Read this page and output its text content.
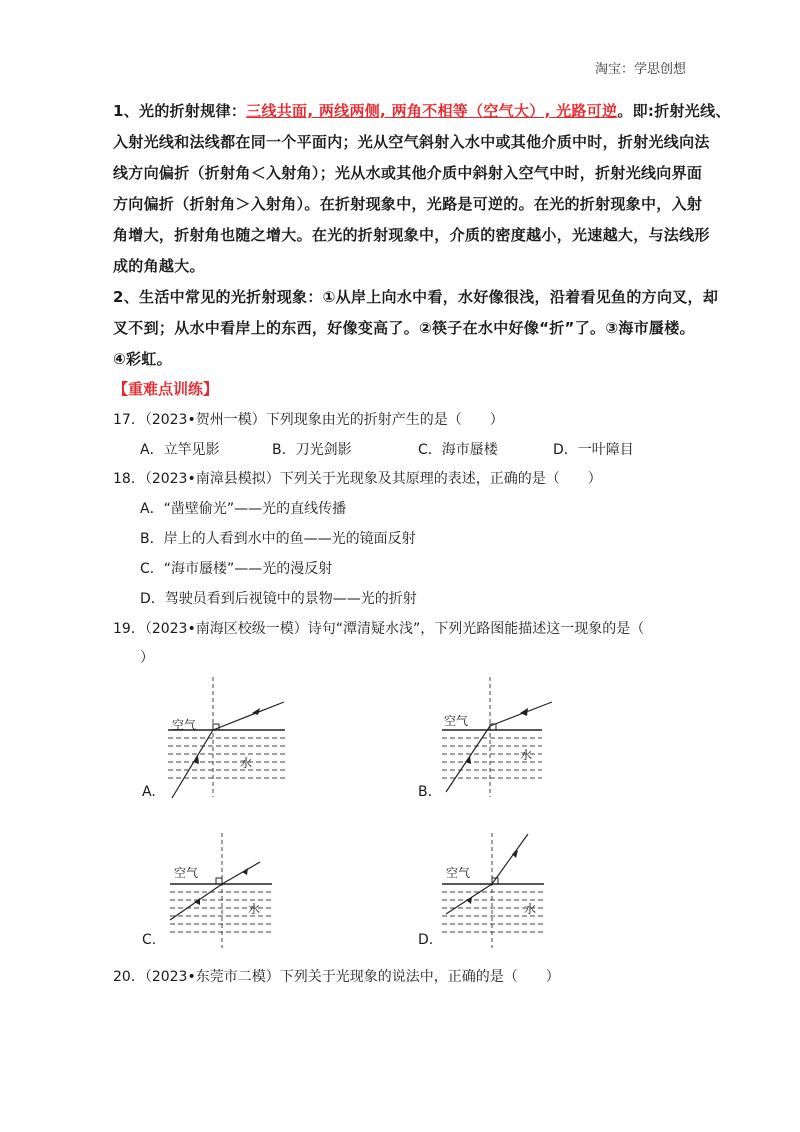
淘宝：学思创想
1、光的折射规律：三线共面, 两线两侧, 两角不相等（空气大）, 光路可逆。即:折射光线、
入射光线和法线都在同一个平面内；光从空气斜射入水中或其他介质中时，折射光线向法
线方向偏折（折射角＜入射角）；光从水或其他介质中斜射入空气中时，折射光线向界面
方向偏折（折射角＞入射角）。在折射现象中，光路是可逆的。在光的折射现象中，入射
角增大，折射角也随之增大。在光的折射现象中，介质的密度越小，光速越大，与法线形
成的角越大。
2、生活中常见的光折射现象：①从岸上向水中看，水好像很浅，沿着看见鱼的方向叉，却
叉不到；从水中看岸上的东西，好像变高了。②筷子在水中好像“折”了。③海市蜃楼。
④彩虹。
【重难点训练】
17．（2023•贺州一模）下列现象由光的折射产生的是（　　）
A．立竿见影	B．刀光剑影	C．海市蜃楼	D．一叶障目
18．（2023•南漳县模拟）下列关于光现象及其原理的表述，正确的是（　　）
A．“凿壁偷光”——光的直线传播
B．岸上的人看到水中的鱼——光的镜面反射
C．“海市蜃楼”——光的漫反射
D．驾驶员看到后视镜中的景物——光的折射
19．（2023•南海区校级一模）诗句“潭清疑水浅”，下列光路图能描述这一现象的是（
）
空气
水
A.
空气
水
B.
空气
水
C.
空气
水
D.
20．（2023•东莞市二模）下列关于光现象的说法中，正确的是（　　）
